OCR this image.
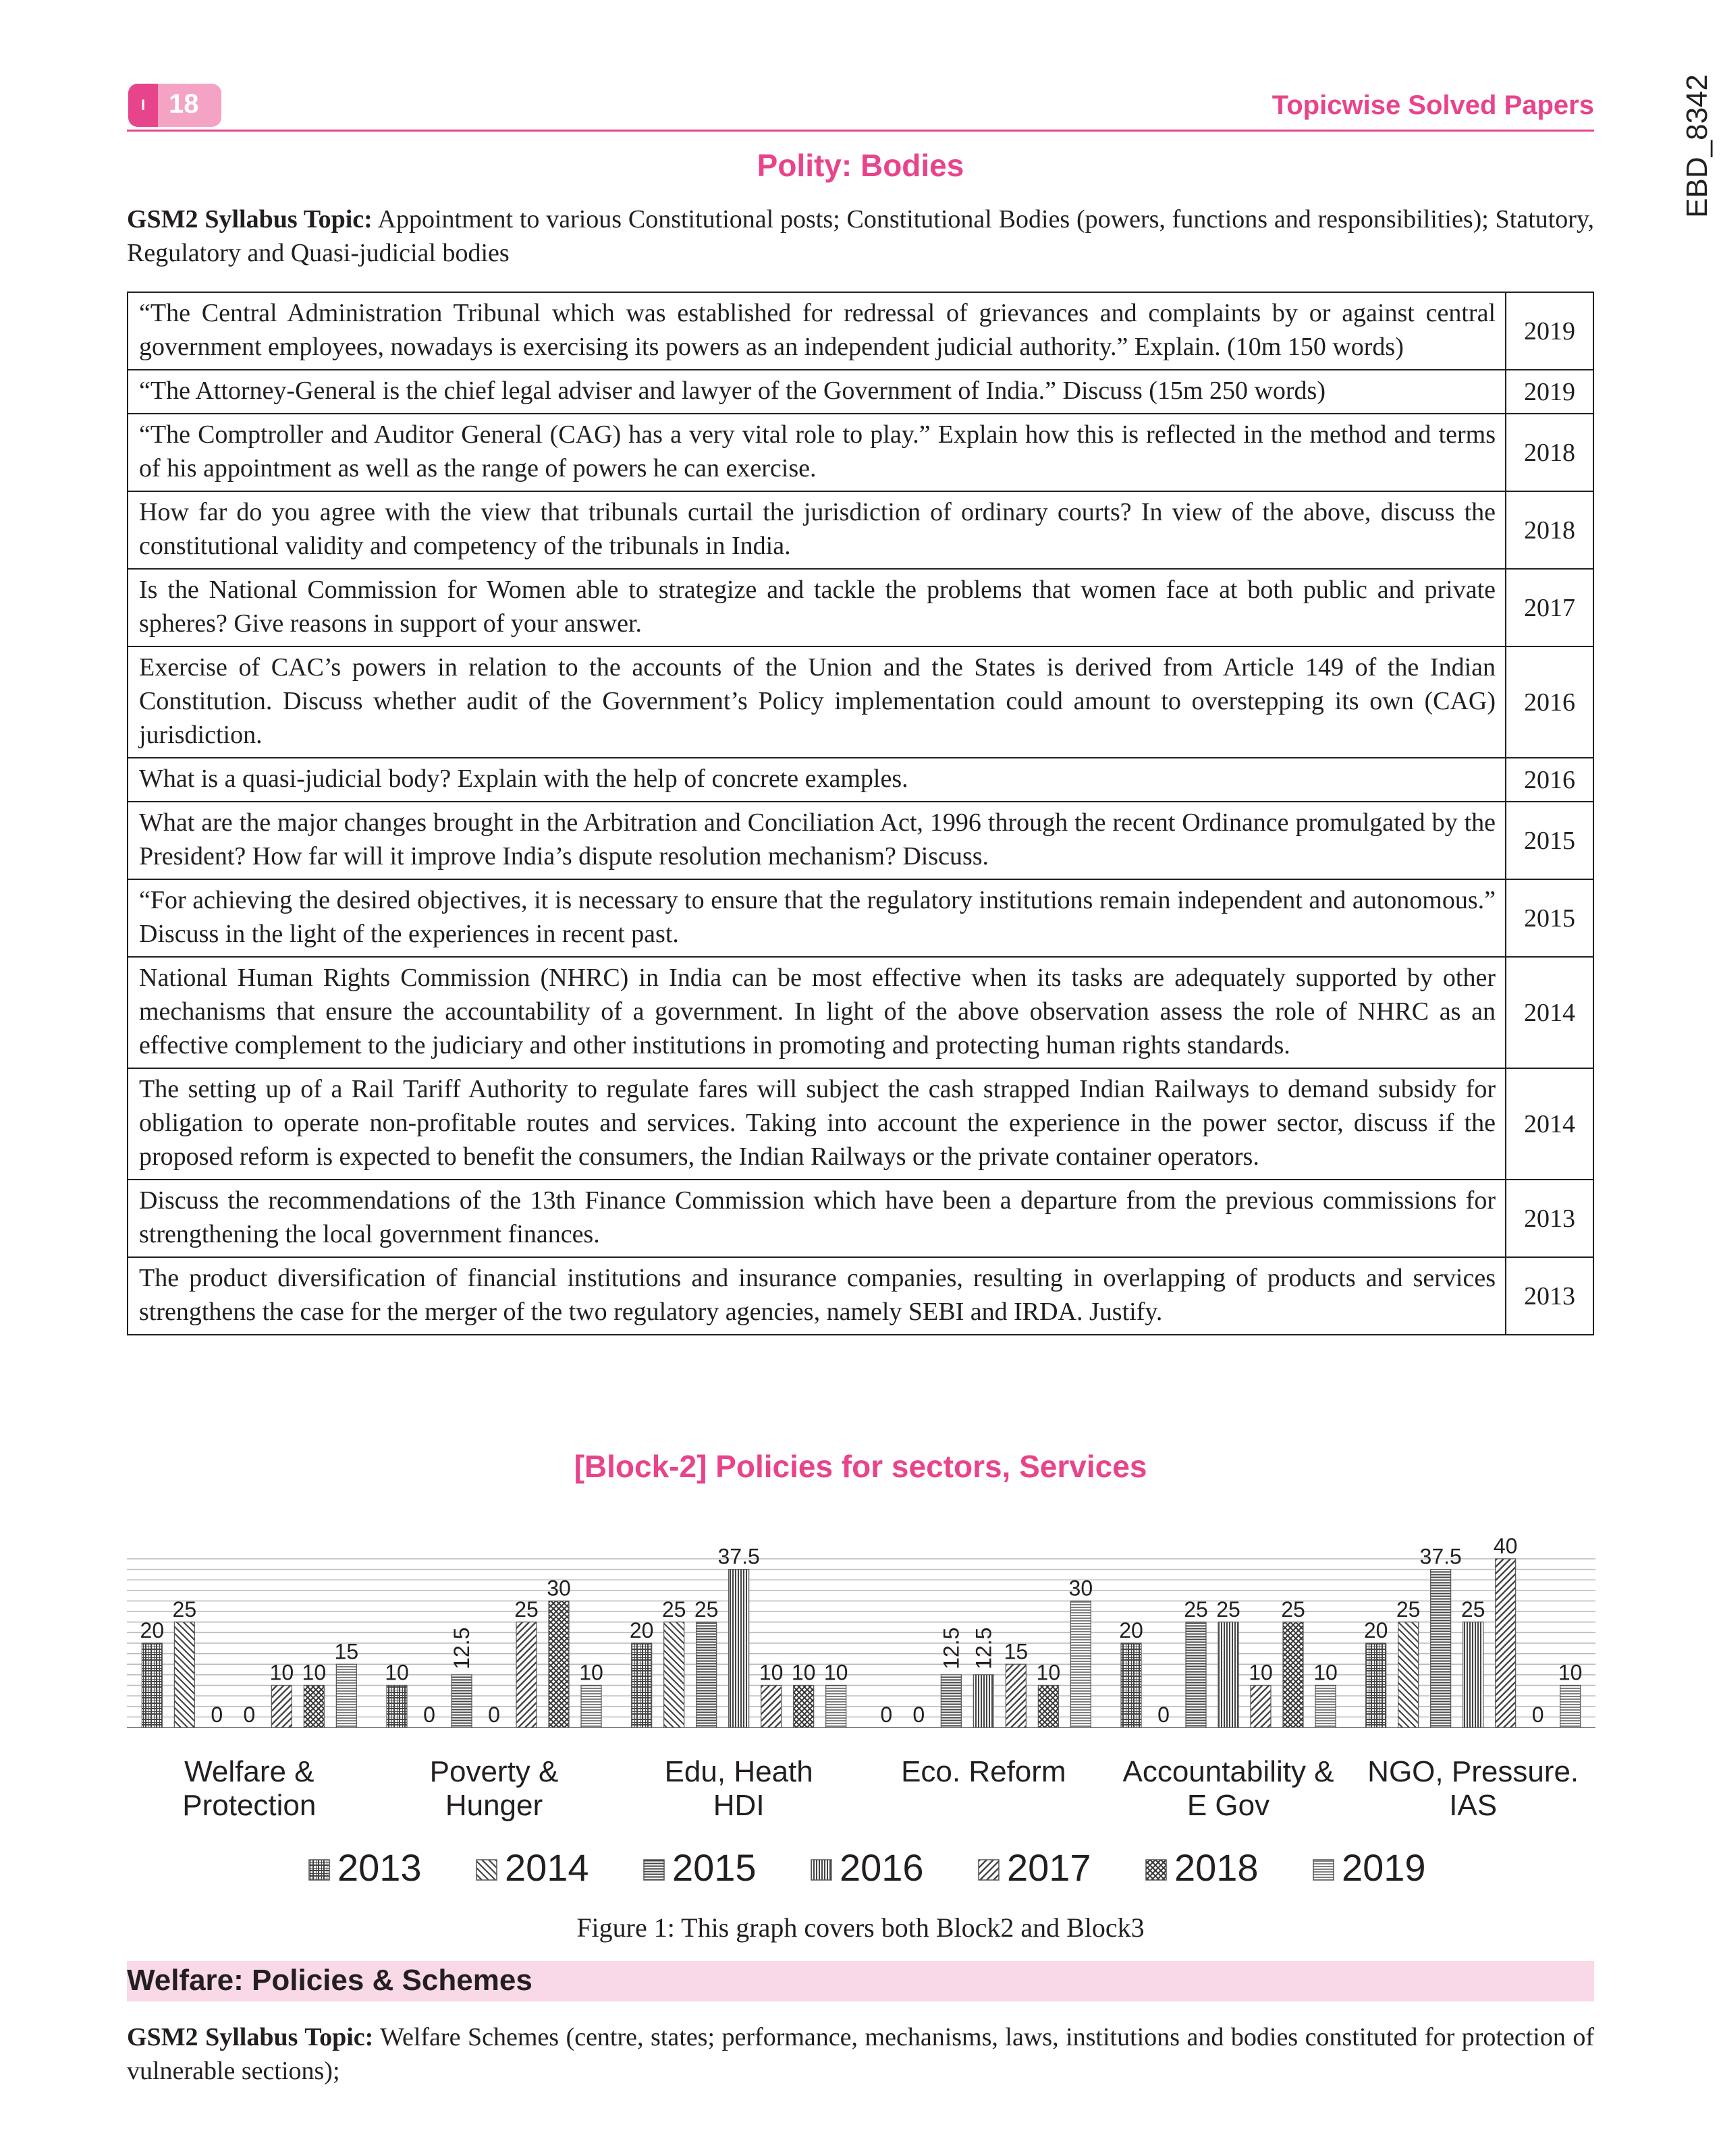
I 18	Topicwise Solved Papers	EBD_8342
Polity: Bodies
GSM2 Syllabus Topic: Appointment to various Constitutional posts; Constitutional Bodies (powers, functions and responsibilities); Statutory, Regulatory and Quasi-judicial bodies
“The Central Administration Tribunal which was established for redressal of grievances and complaints by or against central government employees, nowadays is exercising its powers as an independent judicial authority.” Explain. (10m 150 words)	2019
“The Attorney-General is the chief legal adviser and lawyer of the Government of India.” Discuss (15m 250 words)	2019
“The Comptroller and Auditor General (CAG) has a very vital role to play.” Explain how this is reflected in the method and terms of his appointment as well as the range of powers he can exercise.	2018
How far do you agree with the view that tribunals curtail the jurisdiction of ordinary courts? In view of the above, discuss the constitutional validity and competency of the tribunals in India.	2018
Is the National Commission for Women able to strategize and tackle the problems that women face at both public and private spheres? Give reasons in support of your answer.	2017
Exercise of CAC’s powers in relation to the accounts of the Union and the States is derived from Article 149 of the Indian Constitution. Discuss whether audit of the Government’s Policy implementation could amount to overstepping its own (CAG) jurisdiction.	2016
What is a quasi-judicial body? Explain with the help of concrete examples.	2016
What are the major changes brought in the Arbitration and Conciliation Act, 1996 through the recent Ordinance promulgated by the President? How far will it improve India’s dispute resolution mechanism? Discuss.	2015
“For achieving the desired objectives, it is necessary to ensure that the regulatory institutions remain independent and autonomous.” Discuss in the light of the experiences in recent past.	2015
National Human Rights Commission (NHRC) in India can be most effective when its tasks are adequately supported by other mechanisms that ensure the accountability of a government. In light of the above observation assess the role of NHRC as an effective complement to the judiciary and other institutions in promoting and protecting human rights standards.	2014
The setting up of a Rail Tariff Authority to regulate fares will subject the cash strapped Indian Railways to demand subsidy for obligation to operate non-profitable routes and services. Taking into account the experience in the power sector, discuss if the proposed reform is expected to benefit the consumers, the Indian Railways or the private container operators.	2014
Discuss the recommendations of the 13th Finance Commission which have been a departure from the previous commissions for strengthening the local government finances.	2013
The product diversification of financial institutions and insurance companies, resulting in overlapping of products and services strengthens the case for the merger of the two regulatory agencies, namely SEBI and IRDA. Justify.	2013
[Block-2] Policies for sectors, Services
20
25
0 0
10 10
15
10
0
12.5
0
25
30
10
20
25 25
37.5
10 10 10
0 0
12.5 12.5 15
10
30
20
0
25 25
10
25
10
20
25
37.5
25
40
0
10
Welfare &
Protection
Poverty &
Hunger
Edu, Heath
HDI
Eco. Reform Accountability &
E Gov
NGO, Pressure.
IAS
2013 2014 2015 2016 2017 2018 2019
Figure 1: This graph covers both Block2 and Block3
Welfare: Policies & Schemes
GSM2 Syllabus Topic: Welfare Schemes (centre, states; performance, mechanisms, laws, institutions and bodies constituted for protection of vulnerable sections);
